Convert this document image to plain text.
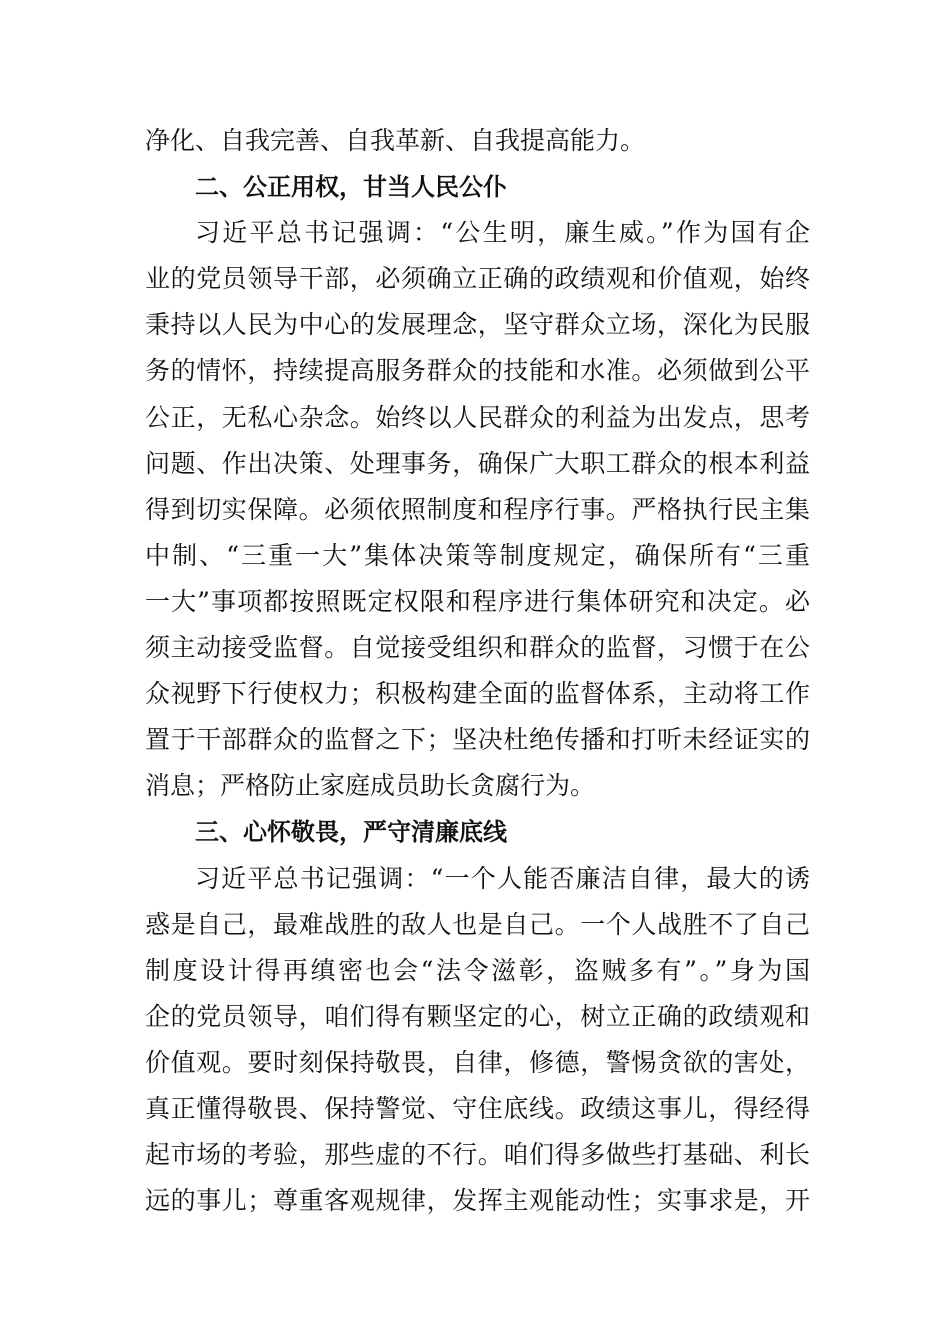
净化、自我完善、自我革新、自我提高能力。
二、公正用权，甘当人民公仆
习近平总书记强调：“公生明，廉生威。”作为国有企
业的党员领导干部，必须确立正确的政绩观和价值观，始终
秉持以人民为中心的发展理念，坚守群众立场，深化为民服
务的情怀，持续提高服务群众的技能和水准。必须做到公平
公正，无私心杂念。始终以人民群众的利益为出发点，思考
问题、作出决策、处理事务，确保广大职工群众的根本利益
得到切实保障。必须依照制度和程序行事。严格执行民主集
中制、“三重一大”集体决策等制度规定，确保所有“三重
一大”事项都按照既定权限和程序进行集体研究和决定。必
须主动接受监督。自觉接受组织和群众的监督，习惯于在公
众视野下行使权力；积极构建全面的监督体系，主动将工作
置于干部群众的监督之下；坚决杜绝传播和打听未经证实的
消息；严格防止家庭成员助长贪腐行为。
三、心怀敬畏，严守清廉底线
习近平总书记强调：“一个人能否廉洁自律，最大的诱
惑是自己，最难战胜的敌人也是自己。一个人战胜不了自己
制度设计得再缜密也会“法令滋彰，盗贼多有”。”身为国
企的党员领导，咱们得有颗坚定的心，树立正确的政绩观和
价值观。要时刻保持敬畏，自律，修德，警惕贪欲的害处，
真正懂得敬畏、保持警觉、守住底线。政绩这事儿，得经得
起市场的考验，那些虚的不行。咱们得多做些打基础、利长
远的事儿；尊重客观规律，发挥主观能动性；实事求是，开
